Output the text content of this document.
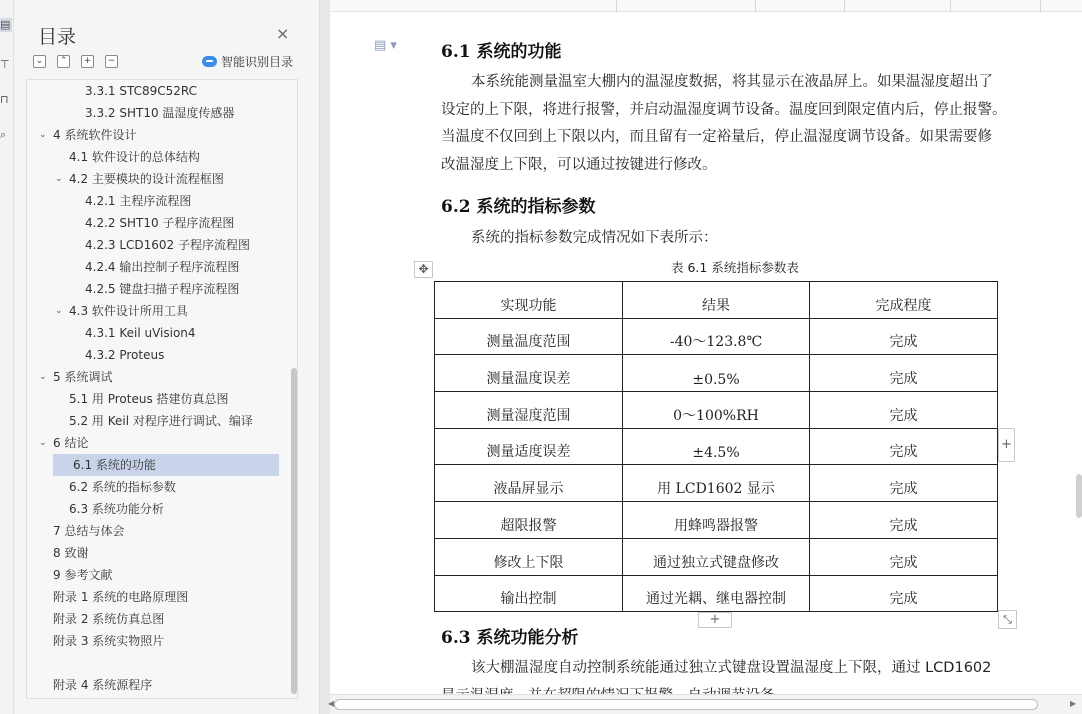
▤
⊤
⊓
⌕
目录	×
⌄	⌃	+	−	智能识别目录
3.3.1 STC89C52RC
3.3.2 SHT10 温湿度传感器
⌄ 4 系统软件设计
4.1 软件设计的总体结构
⌄ 4.2 主要模块的设计流程框图
4.2.1 主程序流程图
4.2.2 SHT10 子程序流程图
4.2.3 LCD1602 子程序流程图
4.2.4 输出控制子程序流程图
4.2.5 键盘扫描子程序流程图
⌄ 4.3 软件设计所用工具
4.3.1 Keil uVision4
4.3.2 Proteus
⌄ 5 系统调试
5.1 用 Proteus 搭建仿真总图
5.2 用 Keil 对程序进行调试、编译
⌄ 6 结论
6.1 系统的功能
6.2 系统的指标参数
6.3 系统功能分析
7 总结与体会
8 致谢
9 参考文献
附录 1 系统的电路原理图
附录 2 系统仿真总图
附录 3 系统实物照片
附录 4 系统源程序
▤ ▾	6.1 系统的功能
本系统能测量温室大棚内的温湿度数据，将其显示在液晶屏上。如果温湿度超出了
设定的上下限，将进行报警，并启动温湿度调节设备。温度回到限定值内后，停止报警。
当温度不仅回到上下限以内，而且留有一定裕量后，停止温湿度调节设备。如果需要修
改温湿度上下限，可以通过按键进行修改。
6.2 系统的指标参数
系统的指标参数完成情况如下表所示：
✥	表 6.1 系统指标参数表
实现功能	结果	完成程度
测量温度范围	-40～123.8℃	完成
测量温度误差	±0.5%	完成
测量湿度范围	0～100%RH	完成
测量适度误差	±4.5%	完成
液晶屏显示	用 LCD1602 显示	完成
超限报警	用蜂鸣器报警	完成
修改上下限	通过独立式键盘修改	完成
输出控制	通过光耦、继电器控制	完成
+
+	⤡
6.3 系统功能分析
该大棚温湿度自动控制系统能通过独立式键盘设置温湿度上下限，通过 LCD1602
◀	▶
